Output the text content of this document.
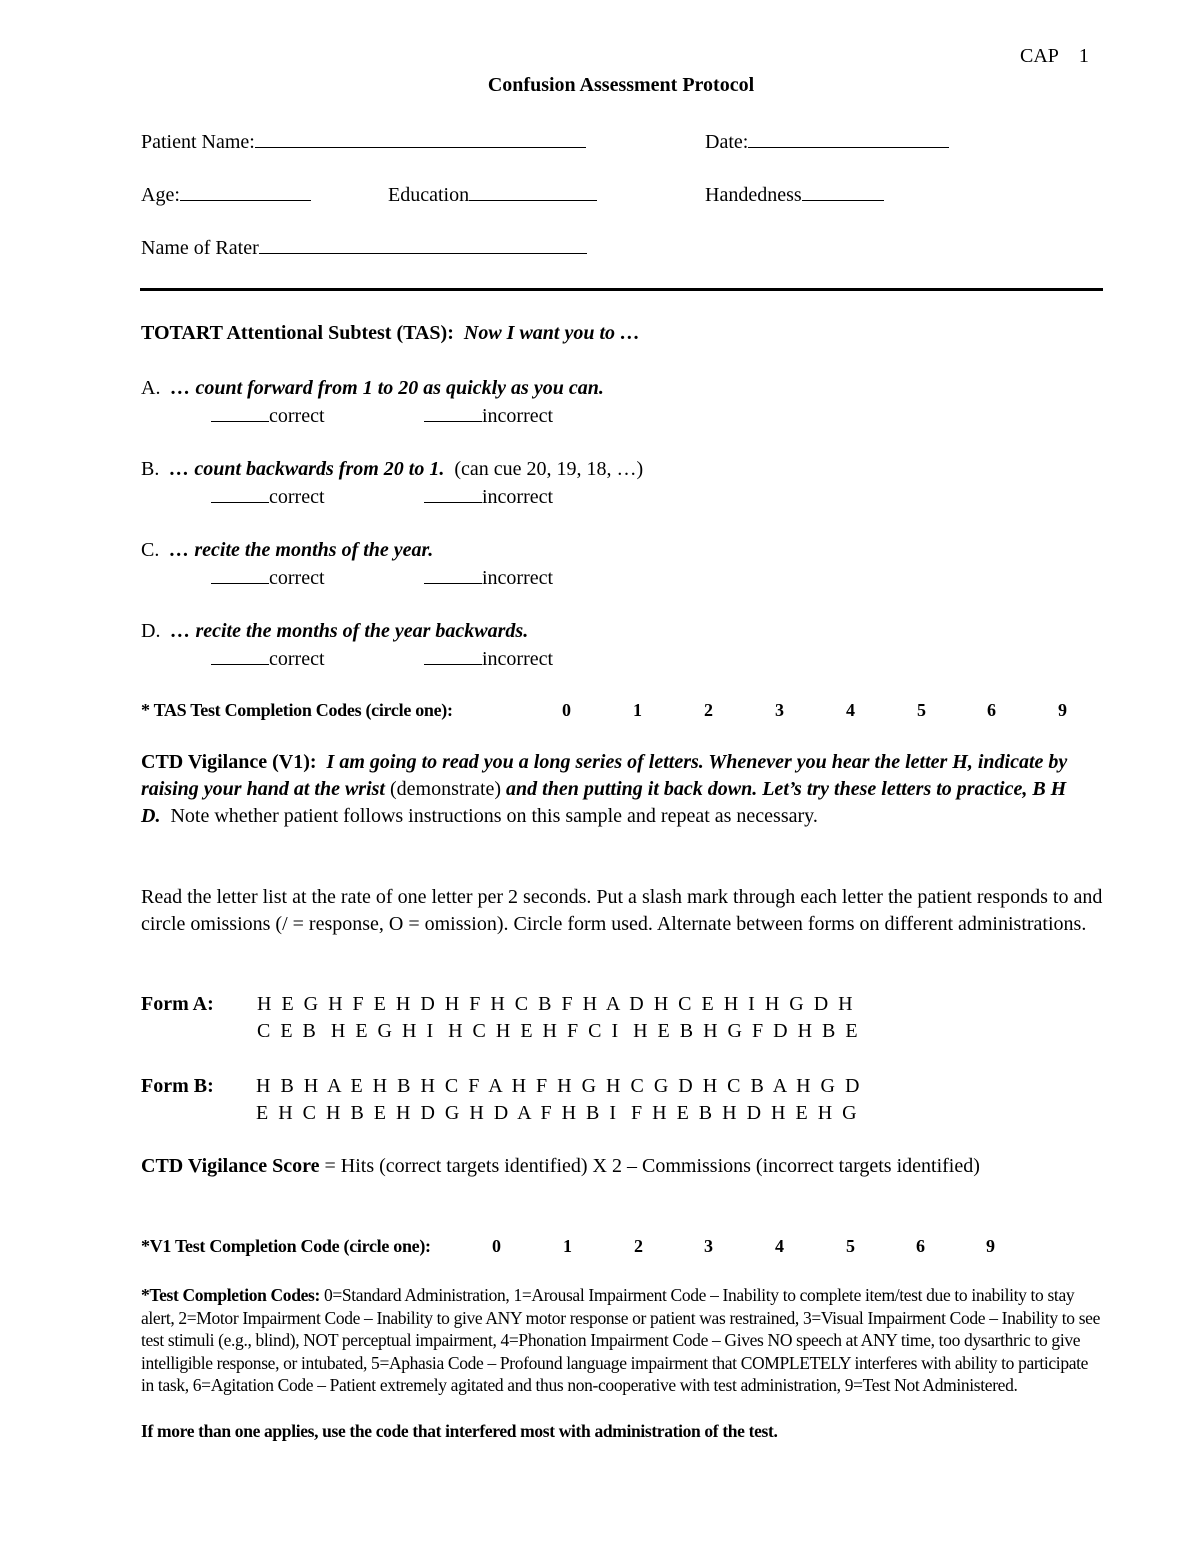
CAP 1
Confusion Assessment Protocol
Patient Name:	Date:
Age:	Education	Handedness
Name of Rater
TOTART Attentional Subtest (TAS): Now I want you to …
A. … count forward from 1 to 20 as quickly as you can.
correct	incorrect
B. … count backwards from 20 to 1. (can cue 20, 19, 18, …)
correct	incorrect
C. … recite the months of the year.
correct	incorrect
D. … recite the months of the year backwards.
correct	incorrect
* TAS Test Completion Codes (circle one):	0	1	2	3	4	5	6	9
CTD Vigilance (V1): I am going to read you a long series of letters. Whenever you hear the letter H, indicate by raising your hand at the wrist (demonstrate) and then putting it back down. Let’s try these letters to practice, B H D. Note whether patient follows instructions on this sample and repeat as necessary.
Read the letter list at the rate of one letter per 2 seconds. Put a slash mark through each letter the patient responds to and circle omissions (/ = response, O = omission). Circle form used. Alternate between forms on different administrations.
Form A: H  E  G  H  F  E  H  D  H  F  H  C  B  F  H  A  D  H  C  E  H  I  H  G  D  H
C  E  B   H  E  G  H  I   H  C  H  E  H  F  C  I   H  E  B  H  G  F  D  H  B  E
Form B: H  B  H  A  E  H  B  H  C  F  A  H  F  H  G  H  C  G  D  H  C  B  A  H  G  D
E  H  C  H  B  E  H  D  G  H  D  A  F  H  B  I   F  H  E  B  H  D  H  E  H  G
CTD Vigilance Score = Hits (correct targets identified) X 2 – Commissions (incorrect targets identified)
*V1 Test Completion Code (circle one):	0	1	2	3	4	5	6	9
*Test Completion Codes: 0=Standard Administration, 1=Arousal Impairment Code – Inability to complete item/test due to inability to stay alert, 2=Motor Impairment Code – Inability to give ANY motor response or patient was restrained, 3=Visual Impairment Code – Inability to see test stimuli (e.g., blind), NOT perceptual impairment, 4=Phonation Impairment Code – Gives NO speech at ANY time, too dysarthric to give intelligible response, or intubated, 5=Aphasia Code – Profound language impairment that COMPLETELY interferes with ability to participate in task, 6=Agitation Code – Patient extremely agitated and thus non-cooperative with test administration, 9=Test Not Administered.
If more than one applies, use the code that interfered most with administration of the test.
